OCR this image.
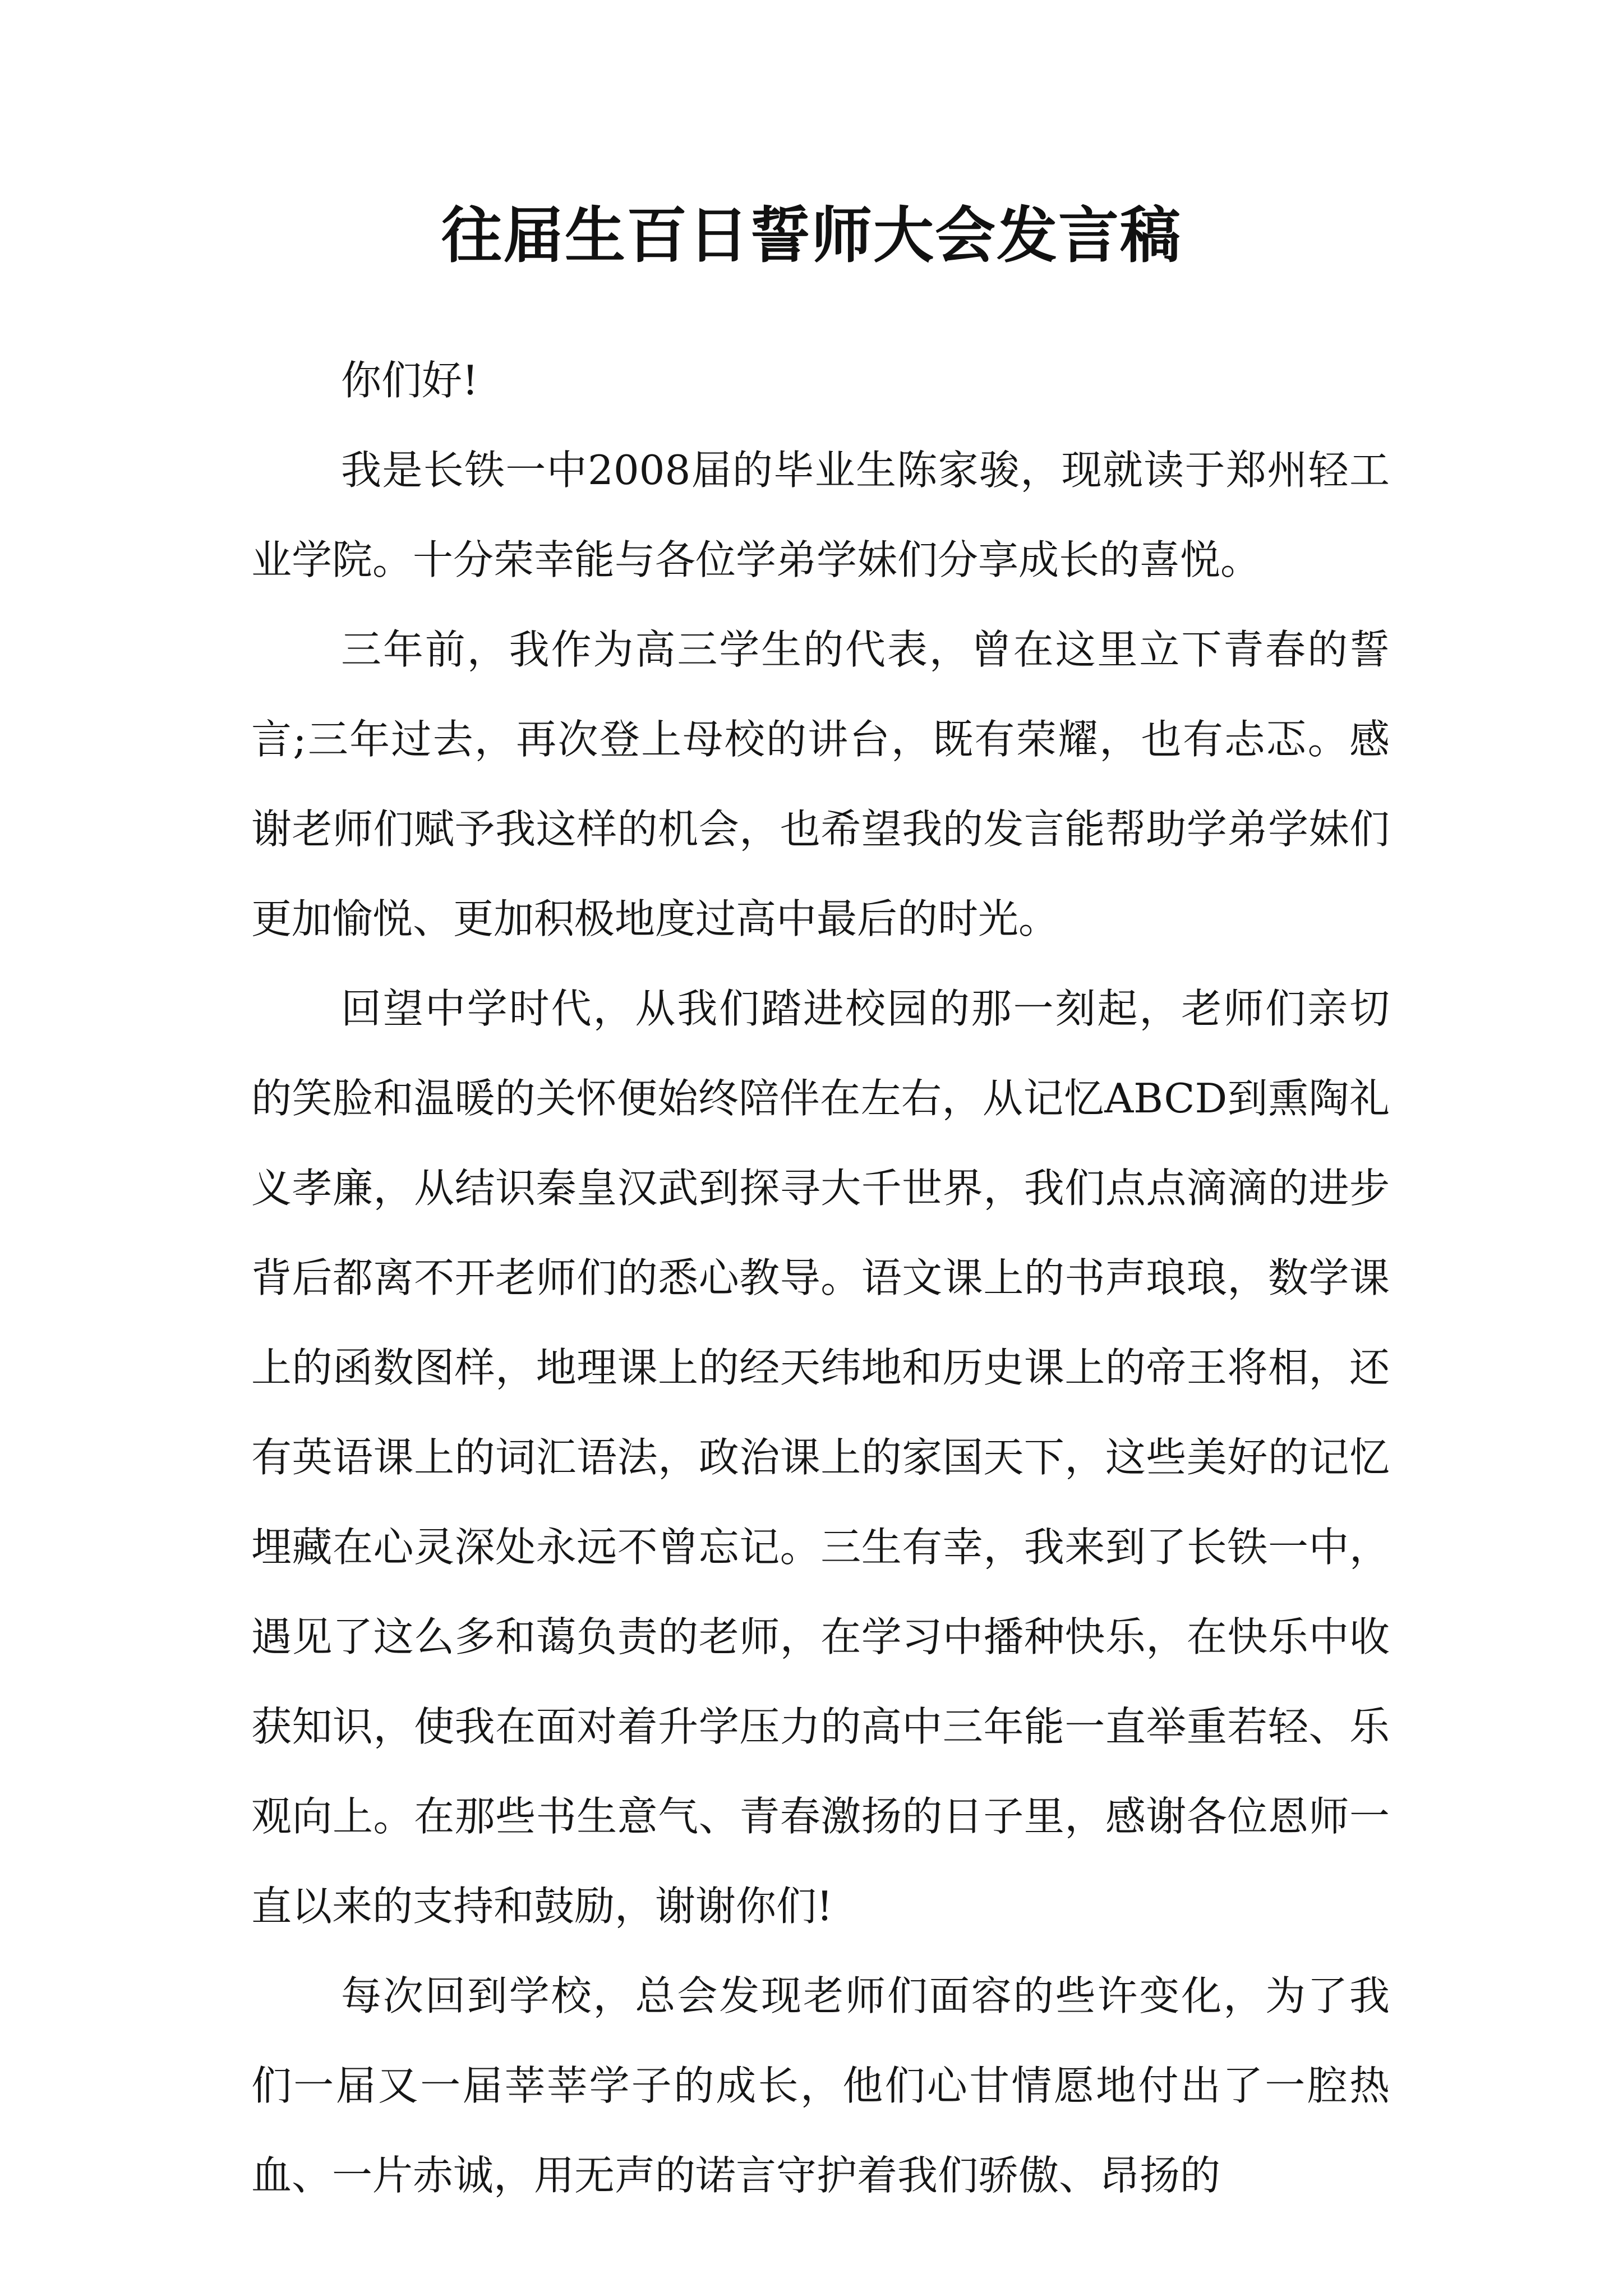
往届生百日誓师大会发言稿

你们好!

我是长铁一中2008届的毕业生陈家骏，现就读于郑州轻工业学院。十分荣幸能与各位学弟学妹们分享成长的喜悦。

三年前，我作为高三学生的代表，曾在这里立下青春的誓言;三年过去，再次登上母校的讲台，既有荣耀，也有忐忑。感谢老师们赋予我这样的机会，也希望我的发言能帮助学弟学妹们更加愉悦、更加积极地度过高中最后的时光。

回望中学时代，从我们踏进校园的那一刻起，老师们亲切的笑脸和温暖的关怀便始终陪伴在左右，从记忆ABCD到熏陶礼义孝廉，从结识秦皇汉武到探寻大千世界，我们点点滴滴的进步背后都离不开老师们的悉心教导。语文课上的书声琅琅，数学课上的函数图样，地理课上的经天纬地和历史课上的帝王将相，还有英语课上的词汇语法，政治课上的家国天下，这些美好的记忆埋藏在心灵深处永远不曾忘记。三生有幸，我来到了长铁一中，遇见了这么多和蔼负责的老师，在学习中播种快乐，在快乐中收获知识，使我在面对着升学压力的高中三年能一直举重若轻、乐观向上。在那些书生意气、青春激扬的日子里，感谢各位恩师一直以来的支持和鼓励，谢谢你们!

每次回到学校，总会发现老师们面容的些许变化，为了我们一届又一届莘莘学子的成长，他们心甘情愿地付出了一腔热血、一片赤诚，用无声的诺言守护着我们骄傲、昂扬的
